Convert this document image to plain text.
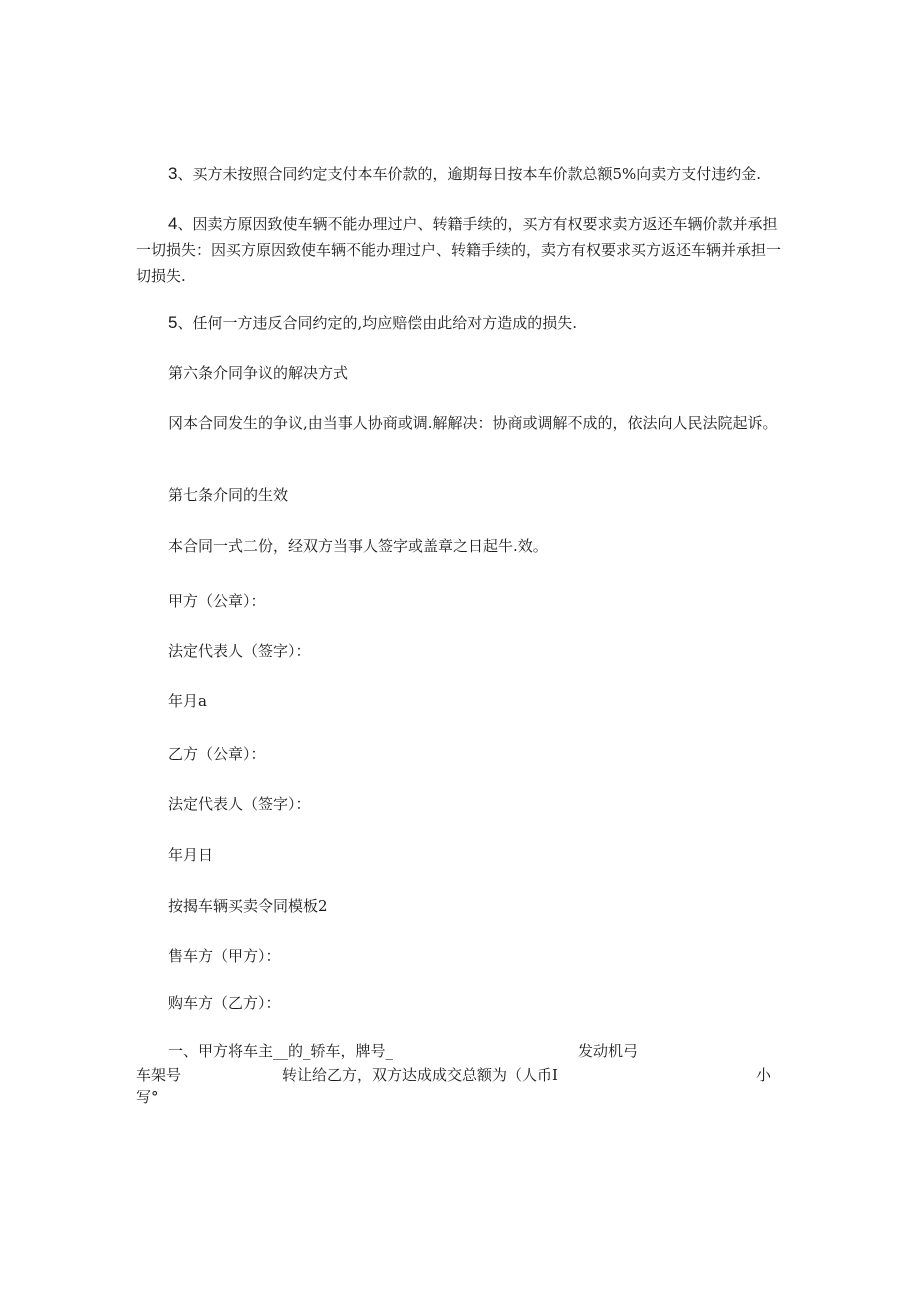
3、买方未按照合同约定支付本车价款的，逾期每日按本车价款总额5%向卖方支付违约金.
4、因卖方原因致使车辆不能办理过户、转籍手续的，买方有权要求卖方返还车辆价款并承担一切损失：因买方原因致使车辆不能办理过户、转籍手续的，卖方有权要求买方返还车辆并承担一切损失.
5、任何一方违反合同约定的,均应赔偿由此给对方造成的损失.
第六条介同争议的解决方式
冈本合同发生的争议,由当事人协商或调.解解决：协商或调解不成的，依法向人民法院起诉。
第七条介同的生效
本合同一式二份，经双方当事人签字或盖章之日起牛.效。
甲方（公章）：
法定代表人（签字）：
年月a
乙方（公章）：
法定代表人（签字）：
年月日
按揭车辆买卖令同模板2
售车方（甲方）：
购车方（乙方）：
一、甲方将车主__的_轿车，牌号_	发动机弓
车架号	转让给乙方，双方达成成交总额为（人币I	小
写°
